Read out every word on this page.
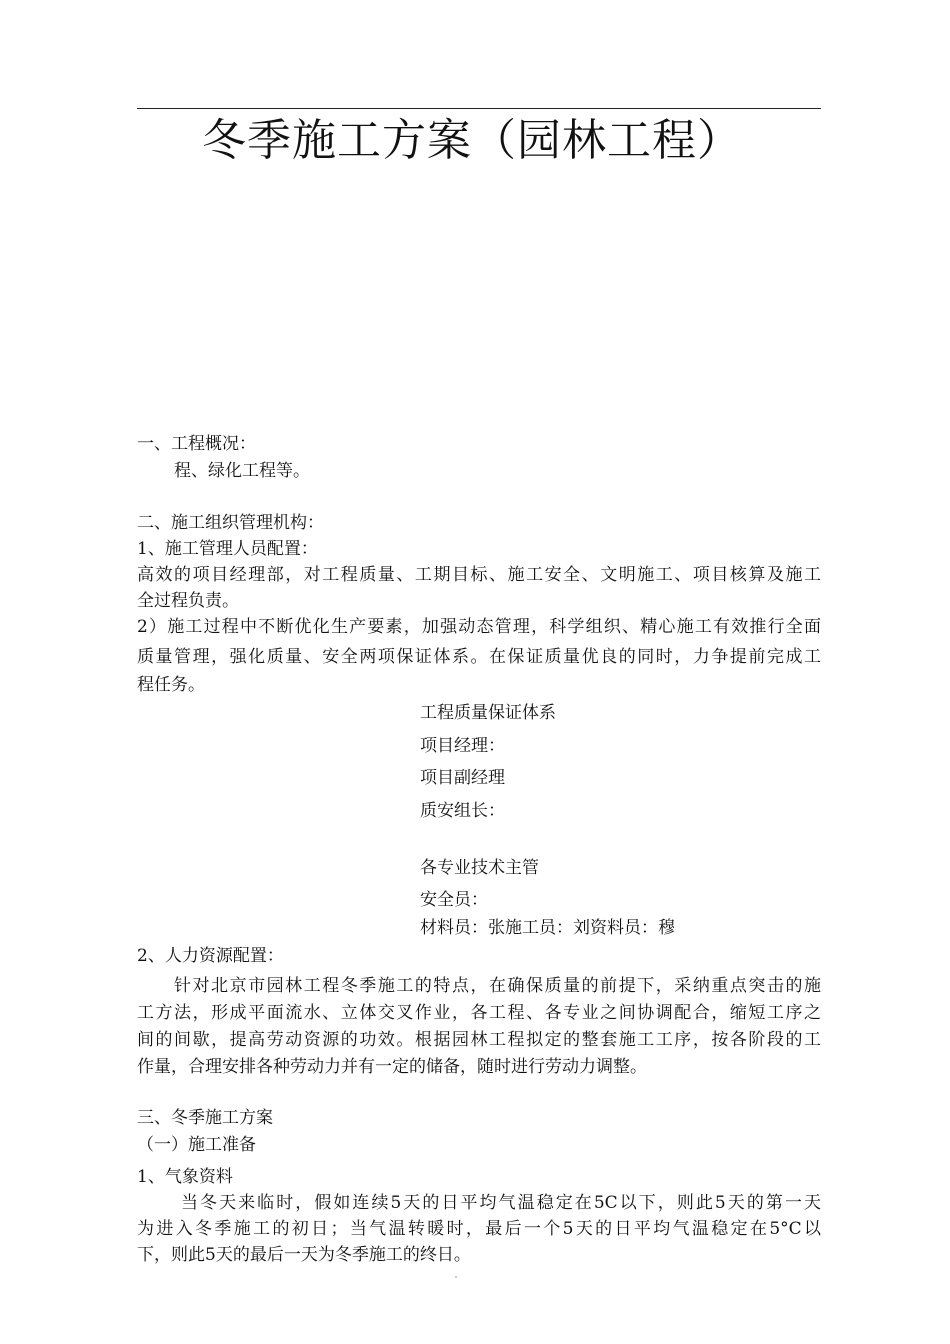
冬季施工方案（园林工程）
一、工程概况：
程、绿化工程等。
二、施工组织管理机构：
1、施工管理人员配置：
高效的项目经理部，对工程质量、工期目标、施工安全、文明施工、项目核算及施工
全过程负责。
2）施工过程中不断优化生产要素，加强动态管理，科学组织、精心施工有效推行全面
质量管理，强化质量、安全两项保证体系。在保证质量优良的同时，力争提前完成工
程任务。
工程质量保证体系
项目经理：
项目副经理
质安组长：
各专业技术主管
安全员：
材料员：张施工员：刘资料员：穆
2、人力资源配置：
针对北京市园林工程冬季施工的特点，在确保质量的前提下，采纳重点突击的施
工方法，形成平面流水、立体交叉作业，各工程、各专业之间协调配合，缩短工序之
间的间歇，提高劳动资源的功效。根据园林工程拟定的整套施工工序，按各阶段的工
作量，合理安排各种劳动力并有一定的储备，随时进行劳动力调整。
三、冬季施工方案
（一）施工准备
1、气象资料
当冬天来临时，假如连续5天的日平均气温稳定在5C以下，则此5天的第一天
为进入冬季施工的初日；当气温转暖时，最后一个5天的日平均气温稳定在5°C以
下，则此5天的最后一天为冬季施工的终日。
